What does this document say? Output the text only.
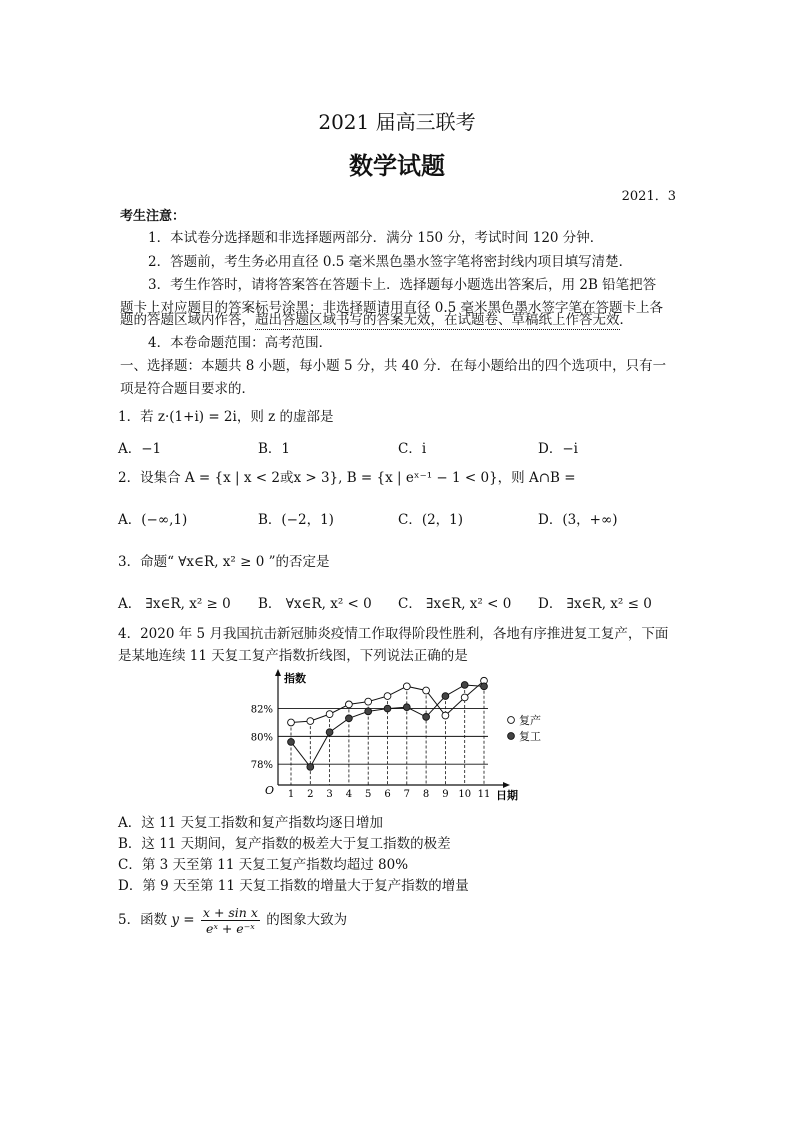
2021 届高三联考
数学试题
2021．3
考生注意：
1．本试卷分选择题和非选择题两部分．满分 150 分，考试时间 120 分钟．
2．答题前，考生务必用直径 0.5 毫米黑色墨水签字笔将密封线内项目填写清楚．
3．考生作答时，请将答案答在答题卡上．选择题每小题选出答案后，用 2B 铅笔把答
题卡上对应题目的答案标号涂黑；非选择题请用直径 0.5 毫米黑色墨水签字笔在答题卡上各
题的答题区域内作答，超出答题区域书写的答案无效，在试题卷、草稿纸上作答无效．
4．本卷命题范围：高考范围．
一、选择题：本题共 8 小题，每小题 5 分，共 40 分．在每小题给出的四个选项中，只有一
项是符合题目要求的．
1．若 z·(1+i) = 2i，则 z 的虚部是
A．−1	B．1	C．i	D．−i
2．设集合 A = {x | x < 2或x > 3}, B = {x | eˣ⁻¹ − 1 < 0}，则 A∩B =
A．(−∞,1)	B．(−2，1)	C．(2，1)	D．(3，+∞)
3．命题“ ∀x∈R, x² ≥ 0 ”的否定是
A． ∃x∈R, x² ≥ 0 B． ∀x∈R, x² < 0 C． ∃x∈R, x² < 0 D． ∃x∈R, x² ≤ 0
4．2020 年 5 月我国抗击新冠肺炎疫情工作取得阶段性胜利，各地有序推进复工复产，下面
是某地连续 11 天复工复产指数折线图，下列说法正确的是
指数
日期
O
78%
80%
82%
1 2 3 4 5 6 7 8 9 10 11
复产
复工
A．这 11 天复工指数和复产指数均逐日增加
B．这 11 天期间，复产指数的极差大于复工指数的极差
C．第 3 天至第 11 天复工复产指数均超过 80%
D．第 9 天至第 11 天复工指数的增量大于复产指数的增量
5．函数 $y = \frac{\text{x + sin x}}{\text{eˣ + e⁻ˣ}}$ 的图象大致为
